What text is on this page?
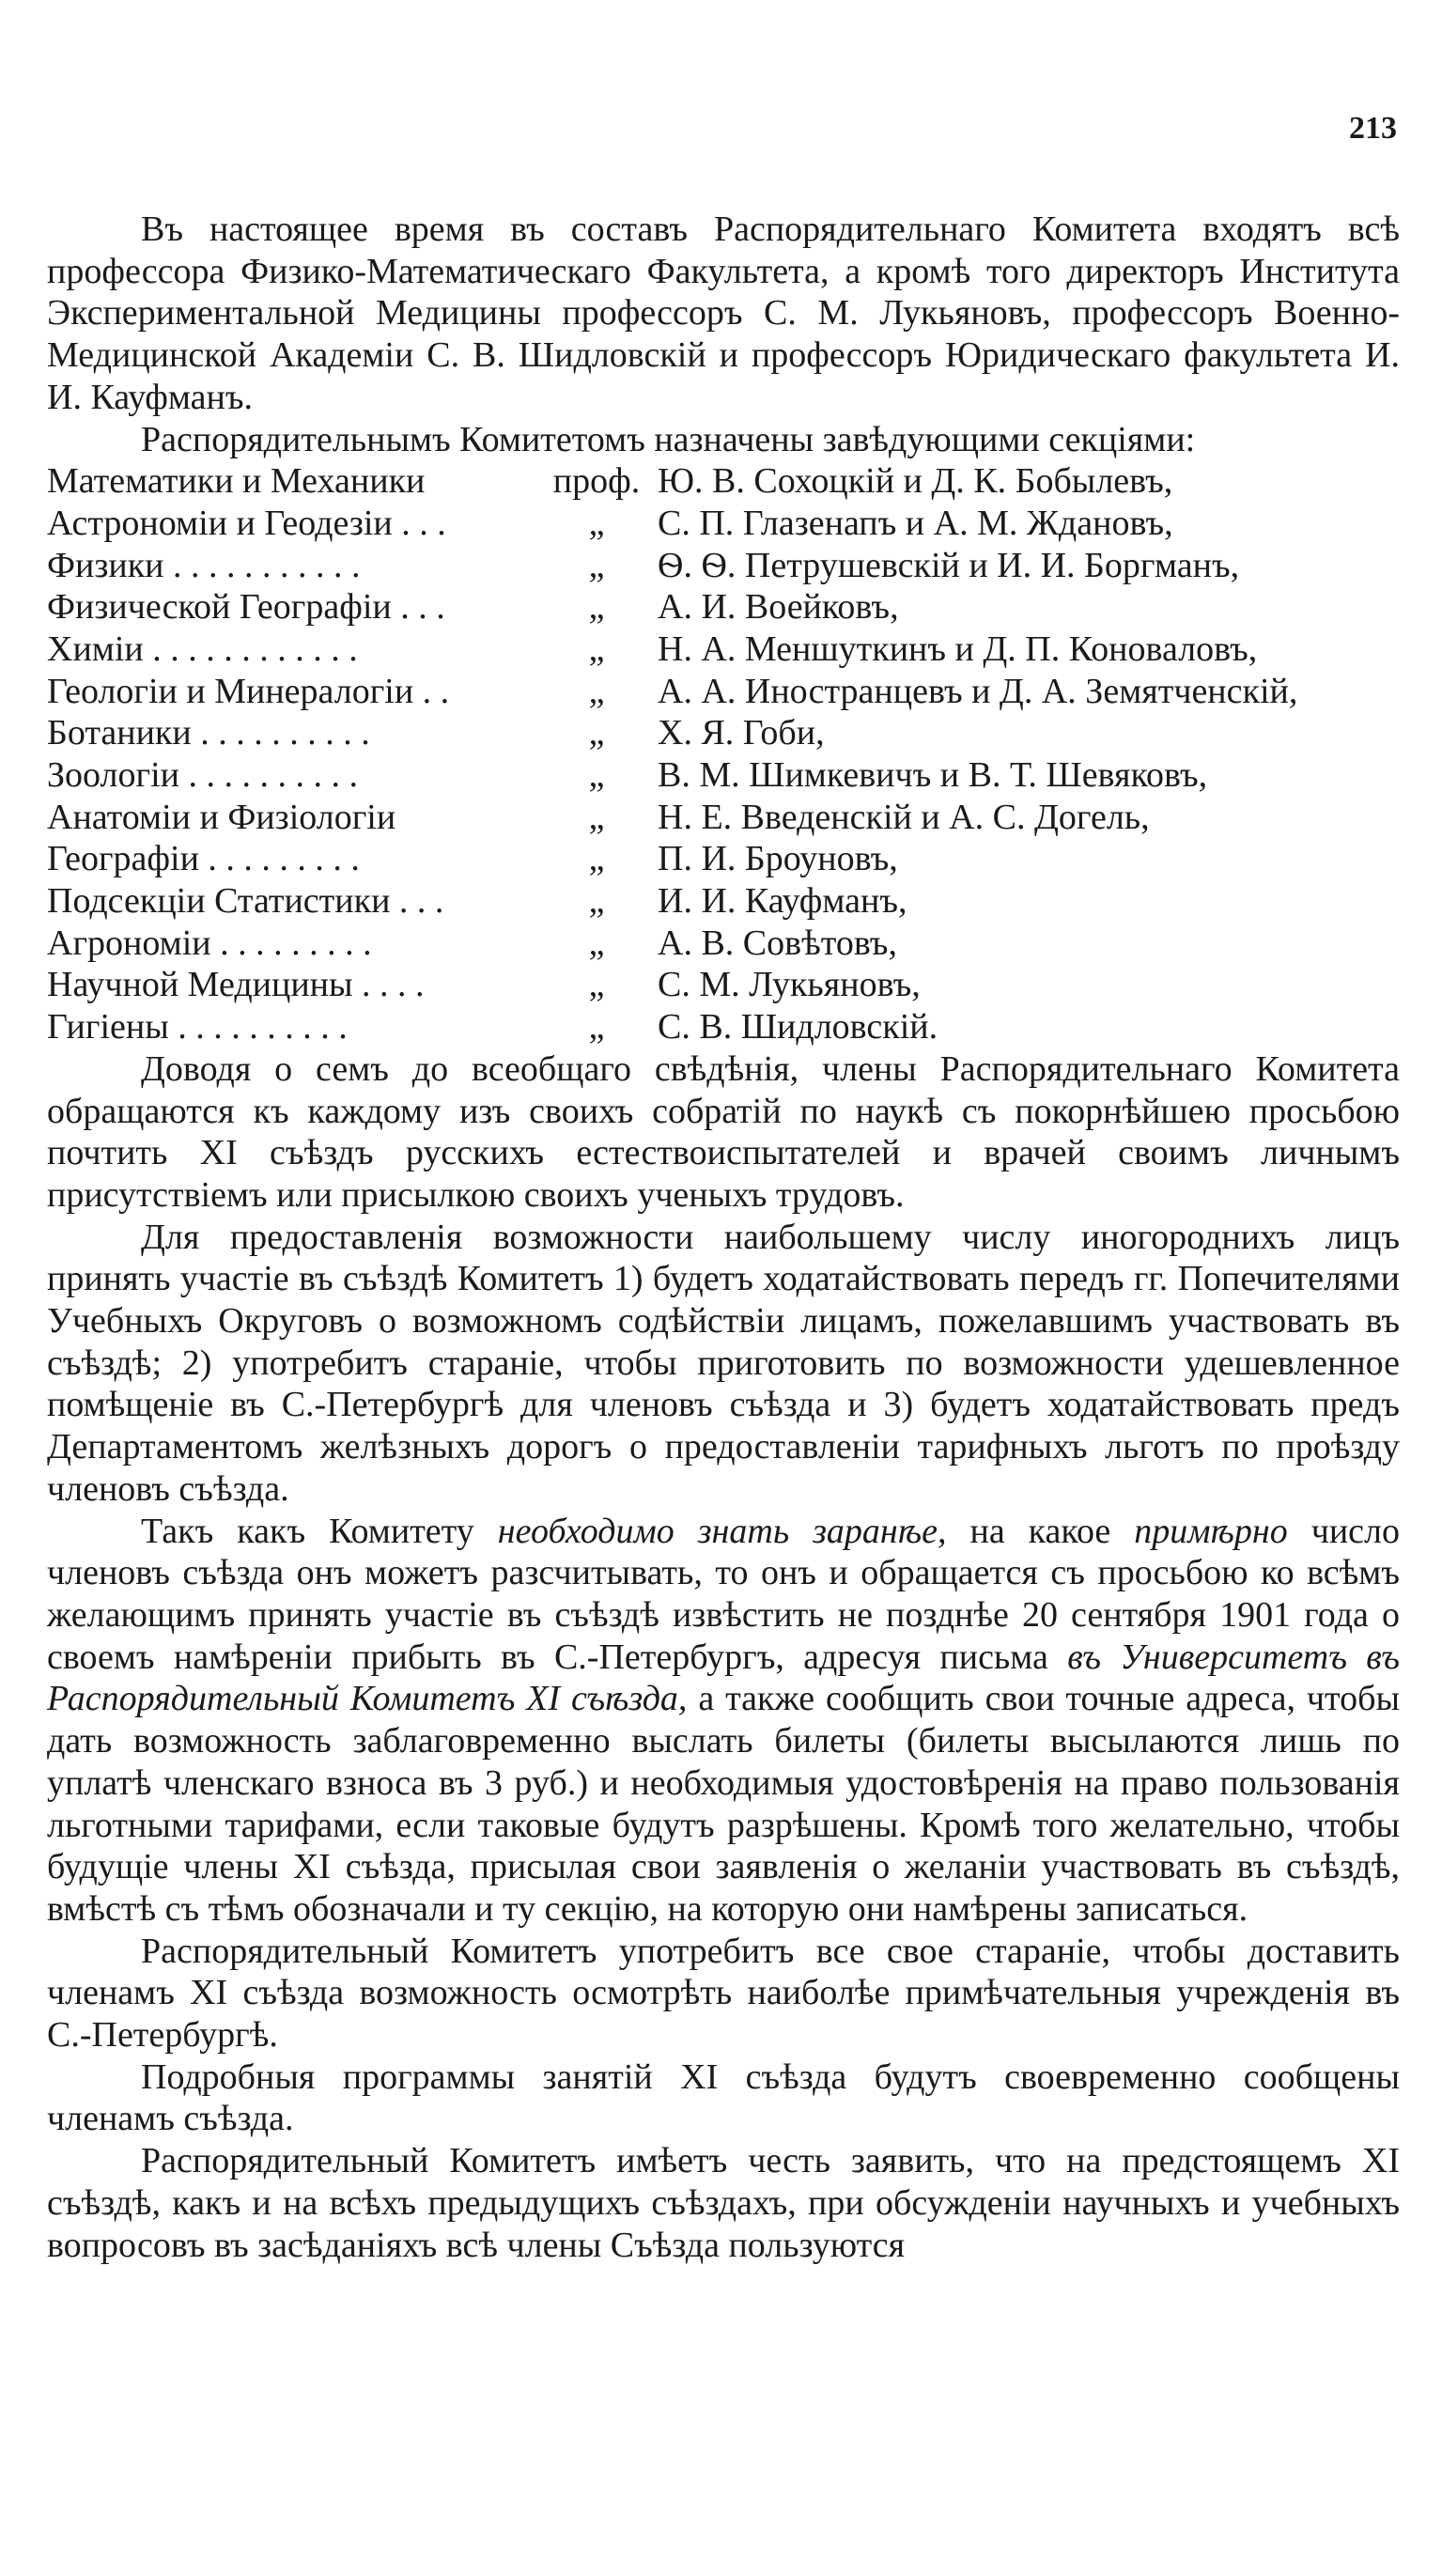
213

Въ настоящее время въ составъ Распорядительнаго Комитета входятъ всѣ профессора Физико-Математическаго Факультета, а кромѣ того директоръ Института Экспериментальной Медицины профессоръ С. М. Лукьяновъ, профессоръ Военно-Медицинской Академіи С. В. Шидловскій и профессоръ Юридическаго факультета И. И. Кауфманъ.

Распорядительнымъ Комитетомъ назначены завѣдующими секціями:

Математики и Механики	проф. Ю. В. Сохоцкій и Д. К. Бобылевъ,
Астрономіи и Геодезіи . . .	„	С. П. Глазенапъ и А. М. Ждановъ,
Физики . . . . . . . . . . .	„	Ѳ. Ѳ. Петрушевскій и И. И. Боргманъ,
Физической Географіи . . .	„	А. И. Воейковъ,
Химіи . . . . . . . . . . . .	„	Н. А. Меншуткинъ и Д. П. Коноваловъ,
Геологіи и Минералогіи . .	„	А. А. Иностранцевъ и Д. А. Земятченскій,
Ботаники . . . . . . . . . .	„	Х. Я. Гоби,
Зоологіи . . . . . . . . . .	„	В. М. Шимкевичъ и В. Т. Шевяковъ,
Анатоміи и Физіологіи	„	Н. Е. Введенскій и А. С. Догель,
Географіи . . . . . . . . .	„	П. И. Броуновъ,
Подсекціи Статистики . . .	„	И. И. Кауфманъ,
Агрономіи . . . . . . . . .	„	А. В. Совѣтовъ,
Научной Медицины . . . .	„	С. М. Лукьяновъ,
Гигіены . . . . . . . . . .	„	С. В. Шидловскій.

Доводя о семъ до всеобщаго свѣдѣнія, члены Распорядительнаго Комитета обращаются къ каждому изъ своихъ собратій по наукѣ съ покорнѣйшею просьбою почтить XI съѣздъ русскихъ естествоиспытателей и врачей своимъ личнымъ присутствіемъ или присылкою своихъ ученыхъ трудовъ.

Для предоставленія возможности наибольшему числу иногороднихъ лицъ принять участіе въ съѣздѣ Комитетъ 1) будетъ ходатайствовать передъ гг. Попечителями Учебныхъ Округовъ о возможномъ содѣйствіи лицамъ, пожелавшимъ участвовать въ съѣздѣ; 2) употребитъ стараніе, чтобы приготовить по возможности удешевленное помѣщеніе въ С.-Петербургѣ для членовъ съѣзда и 3) будетъ ходатайствовать предъ Департаментомъ желѣзныхъ дорогъ о предоставленіи тарифныхъ льготъ по проѣзду членовъ съѣзда.

Такъ какъ Комитету необходимо знать заранѣе, на какое примѣрно число членовъ съѣзда онъ можетъ разсчитывать, то онъ и обращается съ просьбою ко всѣмъ желающимъ принять участіе въ съѣздѣ извѣстить не позднѣе 20 сентября 1901 года о своемъ намѣреніи прибыть въ С.-Петербургъ, адресуя письма въ Университетъ въ Распорядительный Комитетъ XI съѣзда, а также сообщить свои точные адреса, чтобы дать возможность заблаговременно выслать билеты (билеты высылаются лишь по уплатѣ членскаго взноса въ 3 руб.) и необходимыя удостовѣренія на право пользованія льготными тарифами, если таковые будутъ разрѣшены. Кромѣ того желательно, чтобы будущіе члены XI съѣзда, присылая свои заявленія о желаніи участвовать въ съѣздѣ, вмѣстѣ съ тѣмъ обозначали и ту секцію, на которую они намѣрены записаться.

Распорядительный Комитетъ употребитъ все свое стараніе, чтобы доставить членамъ XI съѣзда возможность осмотрѣть наиболѣе примѣчательныя учрежденія въ С.-Петербургѣ.

Подробныя программы занятій XI съѣзда будутъ своевременно сообщены членамъ съѣзда.

Распорядительный Комитетъ имѣетъ честь заявить, что на предстоящемъ XI съѣздѣ, какъ и на всѣхъ предыдущихъ съѣздахъ, при обсужденіи научныхъ и учебныхъ вопросовъ въ засѣданіяхъ всѣ члены Съѣзда пользуются
